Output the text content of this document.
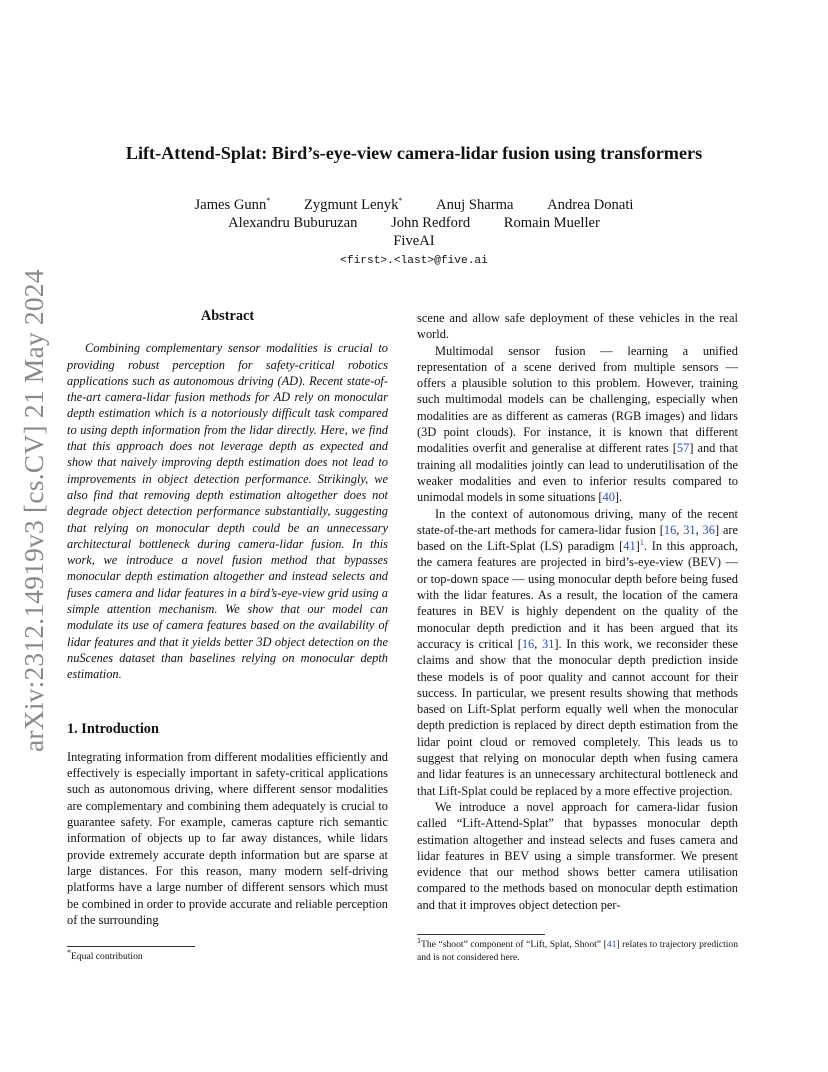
arXiv:2312.14919v3 [cs.CV] 21 May 2024
Lift-Attend-Splat: Bird’s-eye-view camera-lidar fusion using transformers
James Gunn* Zygmunt Lenyk* Anuj Sharma Andrea Donati
Alexandru Buburuzan John Redford Romain Mueller
FiveAI
<first>.<last>@five.ai
Abstract

Combining complementary sensor modalities is crucial to providing robust perception for safety-critical robotics applications such as autonomous driving (AD). Recent state-of-the-art camera-lidar fusion methods for AD rely on monocular depth estimation which is a notoriously difficult task compared to using depth information from the lidar directly. Here, we find that this approach does not leverage depth as expected and show that naively improving depth estimation does not lead to improvements in object detection performance. Strikingly, we also find that removing depth estimation altogether does not degrade object detection performance substantially, suggesting that relying on monocular depth could be an unnecessary architectural bottleneck during camera-lidar fusion. In this work, we introduce a novel fusion method that bypasses monocular depth estimation altogether and instead selects and fuses camera and lidar features in a bird’s-eye-view grid using a simple attention mechanism. We show that our model can modulate its use of camera features based on the availability of lidar features and that it yields better 3D object detection on the nuScenes dataset than baselines relying on monocular depth estimation.

1. Introduction

Integrating information from different modalities efficiently and effectively is especially important in safety-critical applications such as autonomous driving, where different sensor modalities are complementary and combining them adequately is crucial to guarantee safety. For example, cameras capture rich semantic information of objects up to far away distances, while lidars provide extremely accurate depth information but are sparse at large distances. For this reason, many modern self-driving platforms have a large number of different sensors which must be combined in order to provide accurate and reliable perception of the surrounding

scene and allow safe deployment of these vehicles in the real world.

Multimodal sensor fusion — learning a unified representation of a scene derived from multiple sensors — offers a plausible solution to this problem. However, training such multimodal models can be challenging, especially when modalities are as different as cameras (RGB images) and lidars (3D point clouds). For instance, it is known that different modalities overfit and generalise at different rates [57] and that training all modalities jointly can lead to underutilisation of the weaker modalities and even to inferior results compared to unimodal models in some situations [40].

In the context of autonomous driving, many of the recent state-of-the-art methods for camera-lidar fusion [16, 31, 36] are based on the Lift-Splat (LS) paradigm [41]$^1$. In this approach, the camera features are projected in bird’s-eye-view (BEV) — or top-down space — using monocular depth before being fused with the lidar features. As a result, the location of the camera features in BEV is highly dependent on the quality of the monocular depth prediction and it has been argued that its accuracy is critical [16, 31]. In this work, we reconsider these claims and show that the monocular depth prediction inside these models is of poor quality and cannot account for their success. In particular, we present results showing that methods based on Lift-Splat perform equally well when the monocular depth prediction is replaced by direct depth estimation from the lidar point cloud or removed completely. This leads us to suggest that relying on monocular depth when fusing camera and lidar features is an unnecessary architectural bottleneck and that Lift-Splat could be replaced by a more effective projection.

We introduce a novel approach for camera-lidar fusion called “Lift-Attend-Splat” that bypasses monocular depth estimation altogether and instead selects and fuses camera and lidar features in BEV using a simple transformer. We present evidence that our method shows better camera utilisation compared to the methods based on monocular depth estimation and that it improves object detection per-

*Equal contribution
$^1$The “shoot” component of “Lift, Splat, Shoot” [41] relates to trajectory prediction and is not considered here.
